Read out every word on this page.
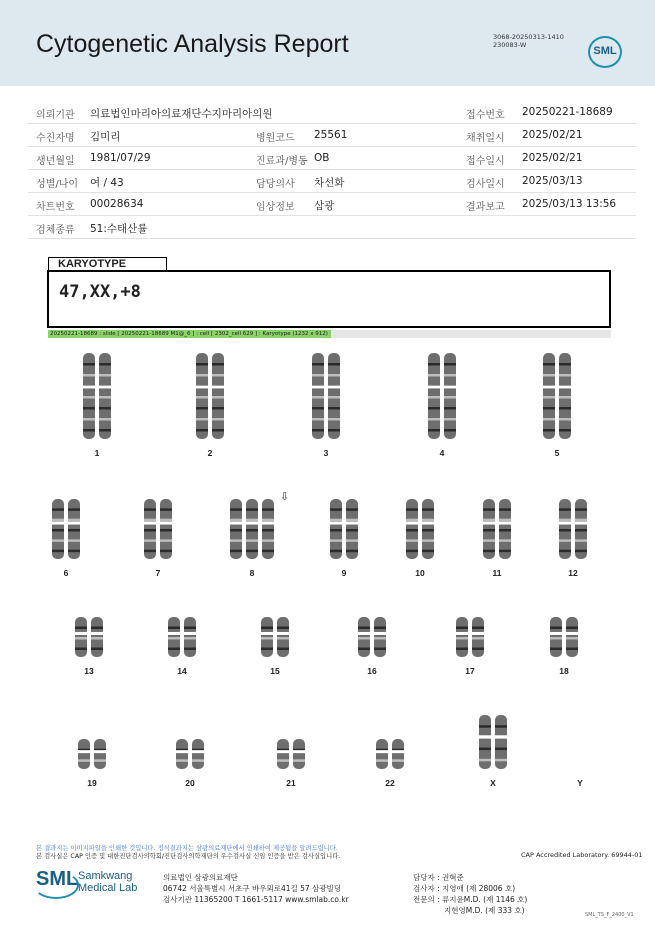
Cytogenetic Analysis Report	3068-20250313-1410
230083-W	SML
의뢰기관 의료법인마리아의료재단수지마리아의원	접수번호 20250221-18689
수진자명 김미리	병원코드 25561	채취일시 2025/02/21
생년월일 1981/07/29	진료과/병동 OB	접수일시 2025/02/21
성별/나이 여 / 43	담당의사 차선화	검사일시 2025/03/13
차트번호 00028634	임상정보 삼광	결과보고 2025/03/13 13:56
검체종류 51:수태산률
KARYOTYPE
47,XX,+8
20250221-18689 : slide [ 20250221-18689 M1@_6 ] : cell [ 2302_cell 629 ] : Karyotype (1232 x 912)
1	2	3	4	5
6	7	8	9	10	11	12
13	14	15	16	17	18
19	20	21	22	X	Y
⇩
본 결과지는 이미지파일을 인쇄한 것입니다. 정식결과지는 삼광의료재단에서 인쇄하여 제공됨을 알려드립니다.
본 검사실은 CAP 인증 및 대한진단검사의학회/진단검사의학재단의 우수검사실 신임 인증을 받은 검사실입니다.	CAP Accredited Laboratory. 69944-01
SML Samkwang
Medical Lab
의료법인 삼광의료재단
06742 서울특별시 서초구 바우뫼로41길 57 삼광빌딩
검사기관 11365200 T 1661-5117 www.smlab.co.kr
담당자 : 권혁준
검사자 : 지영애 (제 28006 호)
전문의 : 류지윤M.D. (제 1146 호)
지현영M.D. (제 333 호)	SML_TS_F_2400_V1
